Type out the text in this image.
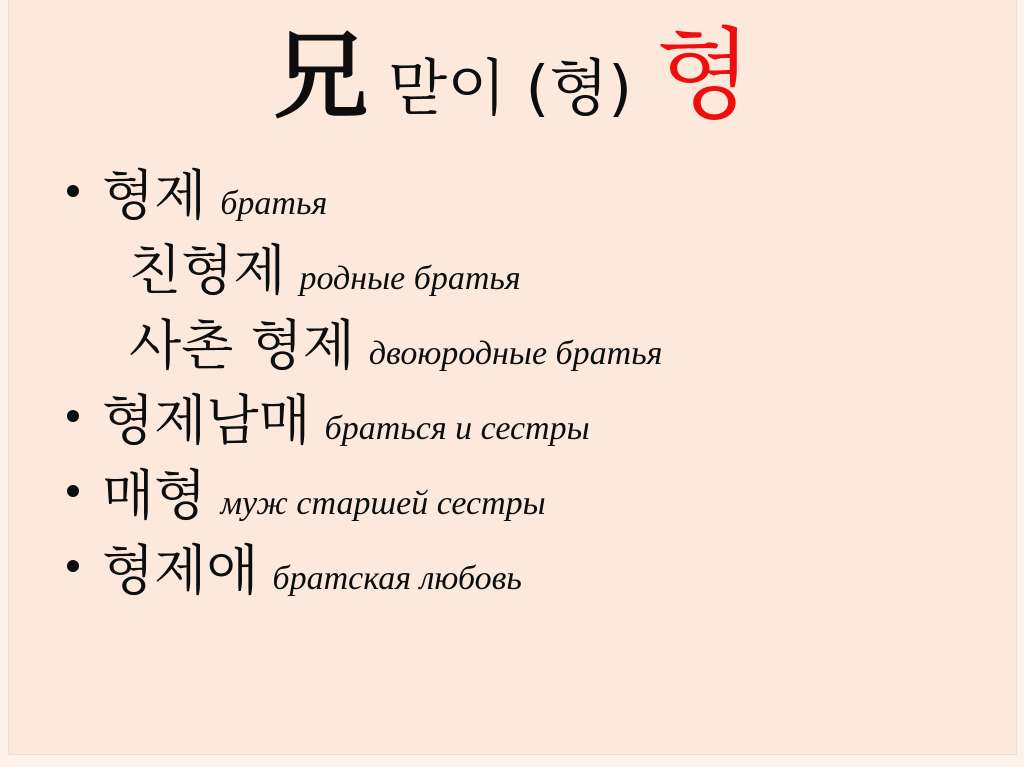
兄맏이 (형) 형
형제 братья
친형제 родные братья
사촌 형제 двоюродные братья
형제남매 браться и сестры
매형 муж старшей сестры
형제애 братская любовь
